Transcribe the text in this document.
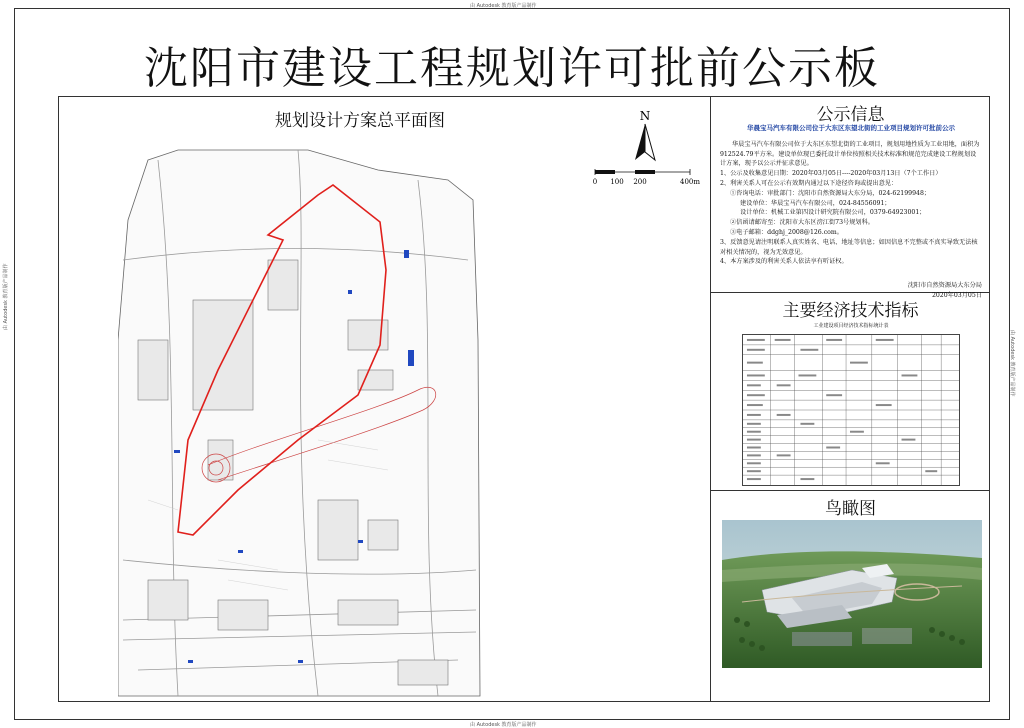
由 Autodesk 教育版产品制作
由 Autodesk 教育版产品制作
由 Autodesk 教育版产品制作
由 Autodesk 教育版产品制作
沈阳市建设工程规划许可批前公示板
规划设计方案总平面图	N
0 100 200	400m
公示信息
华晨宝马汽车有限公司位于大东区东望北街的工业项目规划许可批前公示

华晨宝马汽车有限公司位于大东区东望北街的工业项目，规划用地性质为工业用地，面积为912524.79平方米。建设单位现已委托设计单位按照相关技术标准和规范完成建设工程规划设计方案，现予以公示并征求意见。

1、公示及收集意见日期：2020年03月05日----2020年03月13日（7个工作日）

2、利害关系人可在公示有效期内通过以下途径咨询或提出意见：

①咨询电话：审批部门：沈阳市自然资源局大东分局，024-62199948；

建设单位：华晨宝马汽车有限公司，024-84556091；

设计单位：机械工业第四设计研究院有限公司，0379-64923001；

②信函请邮寄至：沈阳市大东区滂江街73号规划科。

③电子邮箱：ddghj_2008@126.com。

3、反馈意见请注明联系人真实姓名、电话、地址等信息；如因信息不完整或不真实导致无法核对相关情况的，视为无效意见。

4、本方案涉及的利害关系人依法享有听证权。

沈阳市自然资源局大东分局

2020年03月05日

主要经济技术指标
工业建设项目经济技术指标统计表
鸟瞰图
